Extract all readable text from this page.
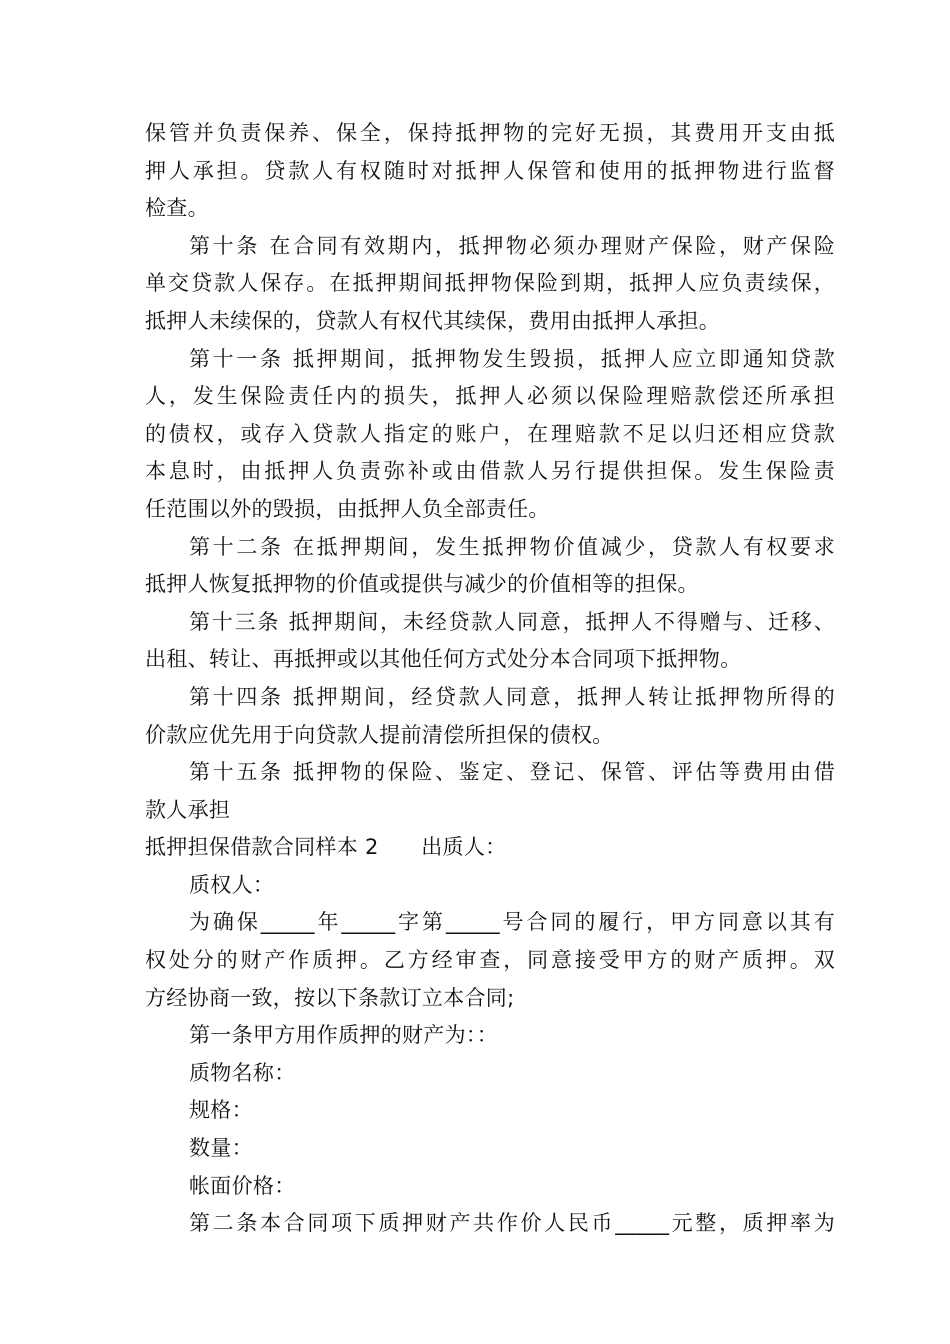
保管并负责保养、保全，保持抵押物的完好无损，其费用开支由抵
押人承担。贷款人有权随时对抵押人保管和使用的抵押物进行监督
检查。
第十条 在合同有效期内，抵押物必须办理财产保险，财产保险
单交贷款人保存。在抵押期间抵押物保险到期，抵押人应负责续保，
抵押人未续保的，贷款人有权代其续保，费用由抵押人承担。
第十一条 抵押期间，抵押物发生毁损，抵押人应立即通知贷款
人，发生保险责任内的损失，抵押人必须以保险理赔款偿还所承担
的债权，或存入贷款人指定的账户，在理赔款不足以归还相应贷款
本息时，由抵押人负责弥补或由借款人另行提供担保。发生保险责
任范围以外的毁损，由抵押人负全部责任。
第十二条 在抵押期间，发生抵押物价值减少，贷款人有权要求
抵押人恢复抵押物的价值或提供与减少的价值相等的担保。
第十三条 抵押期间，未经贷款人同意，抵押人不得赠与、迁移、
出租、转让、再抵押或以其他任何方式处分本合同项下抵押物。
第十四条 抵押期间，经贷款人同意，抵押人转让抵押物所得的
价款应优先用于向贷款人提前清偿所担保的债权。
第十五条 抵押物的保险、鉴定、登记、保管、评估等费用由借
款人承担
抵押担保借款合同样本 2　　出质人：
质权人：
为确保_____年_____字第_____号合同的履行，甲方同意以其有
权处分的财产作质押。乙方经审查，同意接受甲方的财产质押。双
方经协商一致，按以下条款订立本合同;
第一条甲方用作质押的财产为：：
质物名称：
规格：
数量：
帐面价格：
第二条本合同项下质押财产共作价人民币_____元整，质押率为
